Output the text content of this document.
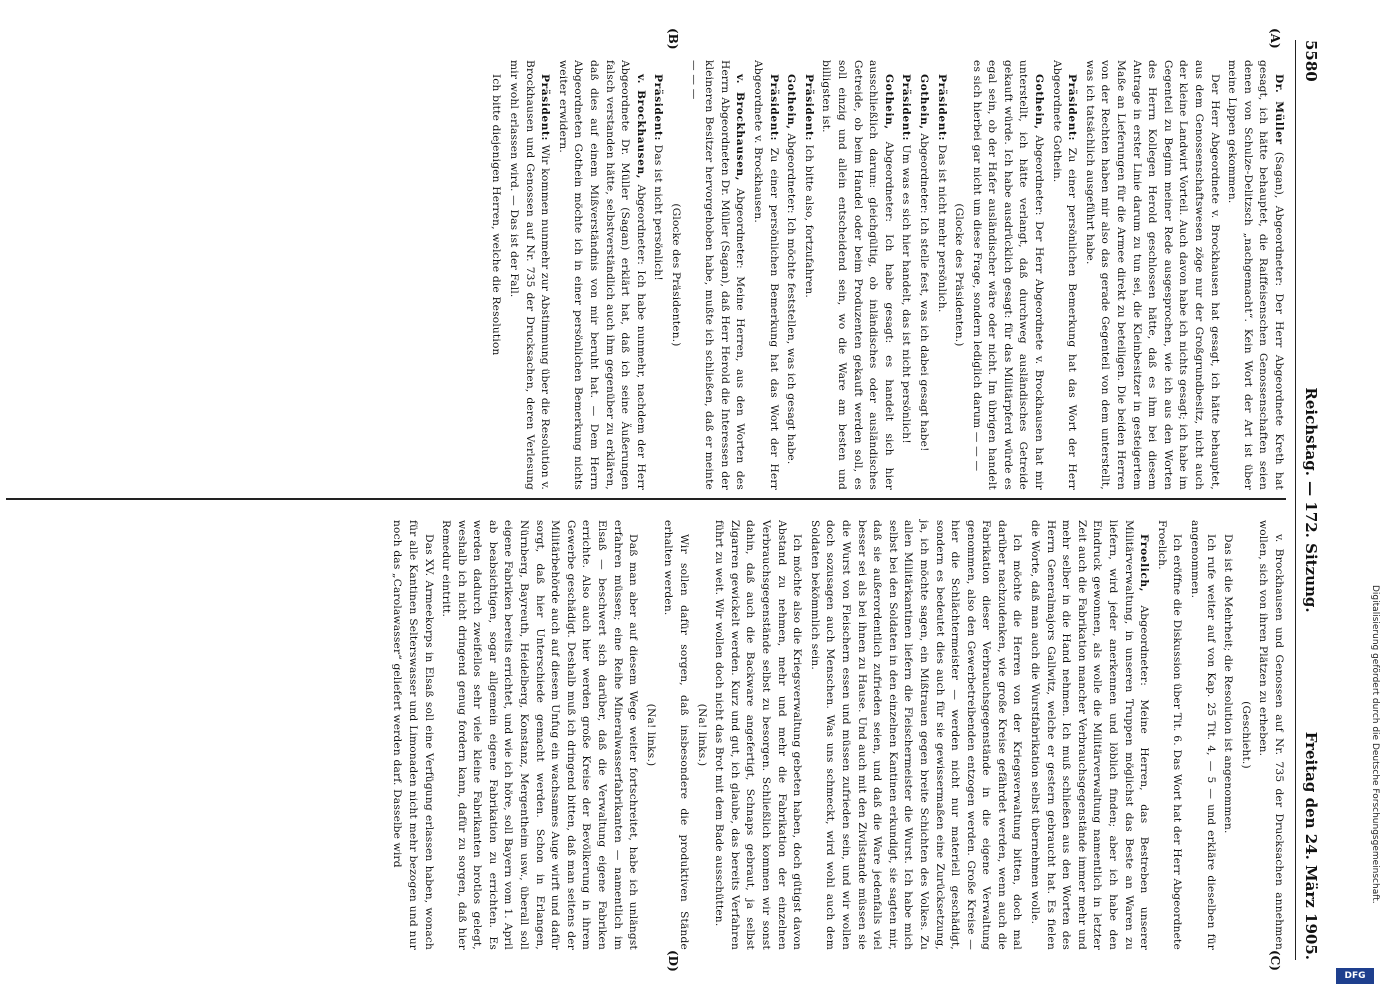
5580
Reichstag. — 172. Sitzung.
Freitag den 24. März 1905.
(A)
(B)
(C)
(D)

Dr. Müller (Sagan), Abgeordneter: Der Herr Abgeordnete Kreth hat gesagt, ich hätte behauptet, die Raiffeisenschen Genossenschaften seien denen von Schulze-Delitzsch „nachgemacht“. Kein Wort der Art ist über meine Lippen gekommen.

Der Herr Abgeordnete v. Brockhausen hat gesagt, ich hätte behauptet, aus dem Genossenschaftswesen zöge nur der Großgrundbesitz, nicht auch der kleine Landwirt Vorteil. Auch davon habe ich nichts gesagt; ich habe im Gegenteil zu Beginn meiner Rede ausgesprochen, wie ich aus den Worten des Herrn Kollegen Herold geschlossen hätte, daß es ihm bei diesem Antrage in erster Linie darum zu tun sei, die Kleinbesitzer in gesteigertem Maße an Lieferungen für die Armee direkt zu beteiligen. Die beiden Herren von der Rechten haben mir also das gerade Gegenteil von dem unterstellt, was ich tatsächlich ausgeführt habe.

Präsident: Zu einer persönlichen Bemerkung hat das Wort der Herr Abgeordnete Gothein.

Gothein, Abgeordneter: Der Herr Abgeordnete v. Brockhausen hat mir unterstellt, ich hätte verlangt, daß durchweg ausländisches Getreide gekauft würde. Ich habe ausdrücklich gesagt: für das Militärpferd würde es egal sein, ob der Hafer ausländischer wäre oder nicht. Im übrigen handelt es sich hierbei gar nicht um diese Frage, sondern lediglich darum — — —

(Glocke des Präsidenten.)

Präsident: Das ist nicht mehr persönlich.

Gothein, Abgeordneter: Ich stelle fest, was ich dabei gesagt habe!

Präsident: Um was es sich hier handelt, das ist nicht persönlich!

Gothein, Abgeordneter: Ich habe gesagt: es handelt sich hier ausschließlich darum: gleichgültig, ob inländisches oder ausländisches Getreide, ob beim Handel oder beim Produzenten gekauft werden soll, es soll einzig und allein entscheidend sein, wo die Ware am besten und billigsten ist.

Präsident: Ich bitte also, fortzufahren.

Gothein, Abgeordneter: Ich möchte feststellen, was ich gesagt habe.

Präsident: Zu einer persönlichen Bemerkung hat das Wort der Herr Abgeordnete v. Brockhausen.

v. Brockhausen, Abgeordneter: Meine Herren, aus den Worten des Herrn Abgeordneten Dr. Müller (Sagan), daß Herr Herold die Interessen der kleineren Besitzer hervorgehoben habe, mußte ich schließen, daß er meinte — — —

(Glocke des Präsidenten.)

Präsident: Das ist nicht persönlich!

v. Brockhausen, Abgeordneter: Ich habe nunmehr, nachdem der Herr Abgeordnete Dr. Müller (Sagan) erklärt hat, daß ich seine Äußerungen falsch verstanden hätte, selbstverständlich auch ihm gegenüber zu erklären, daß dies auf einem Mißverständnis von mir beruht hat. — Dem Herrn Abgeordneten Gothein möchte ich in einer persönlichen Bemerkung nichts weiter erwidern.

Präsident: Wir kommen nunmehr zur Abstimmung über die Resolution v. Brockhausen und Genossen auf Nr. 735 der Drucksachen, deren Verlesung mir wohl erlassen wird. — Das ist der Fall.

Ich bitte diejenigen Herren, welche die Resolution

v. Brockhausen und Genossen auf Nr. 735 der Drucksachen annehmen wollen, sich von ihren Plätzen zu erheben.

(Geschieht.)

Das ist die Mehrheit; die Resolution ist angenommen.

Ich rufe weiter auf von Kap. 25 Tit. 4, — 5 — und erkläre dieselben für angenommen.

Ich eröffne die Diskussion über Tit. 6. Das Wort hat der Herr Abgeordnete Froelich.

Froelich, Abgeordneter: Meine Herren, das Bestreben unserer Militärverwaltung, in unseren Truppen möglichst das Beste an Waren zu liefern, wird jeder anerkennen und löblich finden; aber ich habe den Eindruck gewonnen, als wolle die Militärverwaltung namentlich in letzter Zeit auch die Fabrikation mancher Verbrauchsgegenstände immer mehr und mehr selber in die Hand nehmen. Ich muß schließen aus den Worten des Herrn Generalmajors Gallwitz, welche er gestern gebraucht hat. Es fielen die Worte, daß man auch die Wurstfabrikation selbst übernehmen wolle.

Ich möchte die Herren von der Kriegsverwaltung bitten, doch mal darüber nachzudenken, wie große Kreise gefährdet werden, wenn auch die Fabrikation dieser Verbrauchsgegenstände in die eigene Verwaltung genommen, also den Gewerbetreibenden entzogen werden. Große Kreise — hier die Schlächtermeister — werden nicht nur materiell geschädigt, sondern es bedeutet dies auch für sie gewissermaßen eine Zurücksetzung, ja, ich möchte sagen, ein Mißtrauen gegen breite Schichten des Volkes. Zu allen Militärkantinen liefern die Fleischermeister die Wurst. Ich habe mich selbst bei den Soldaten in den einzelnen Kantinen erkundigt, sie sagten mir, daß sie außerordentlich zufrieden seien, und daß die Ware jedenfalls viel besser sei als bei ihnen zu Hause. Und auch mit den Zivilstande müssen sie die Wurst von Fleischern essen und müssen zufrieden sein, und wir wollen doch sozusagen auch Menschen. Was uns schmeckt, wird wohl auch dem Soldaten bekömmlich sein.

Ich möchte also die Kriegsverwaltung gebeten haben, doch gütigst davon Abstand zu nehmen, mehr und mehr die Fabrikation der einzelnen Verbrauchsgegenstände selbst zu besorgen. Schließlich kommen wir sonst dahin, daß auch die Backware angefertigt, Schnaps gebraut, ja selbst Zigarren gewickelt werden. Kurz und gut, ich glaube, das bereits Verfahren führt zu weit. Wir wollen doch nicht das Brot mit dem Bade ausschütten.

(Na! links.)

Wir sollen dafür sorgen, daß insbesondere die produktiven Stände erhalten werden.

(Na! links.)

Daß man aber auf diesem Wege weiter fortschreitet, habe ich unlängst erfahren müssen; eine Reihe Mineralwasserfabrikanten — namentlich im Elsaß — beschwert sich darüber, daß die Verwaltung eigene Fabriken errichte. Also auch hier werden große Kreise der Bevölkerung in ihrem Gewerbe geschädigt. Deshalb muß ich dringend bitten, daß man seitens der Militärbehörde auch auf diesem Unfug ein wachsames Auge wirft und dafür sorgt, daß hier Unterschiede gemacht werden. Schon in Erlangen, Nürnberg, Bayreuth, Heidelberg, Konstanz, Mergentheim usw., überall soll eigene Fabriken bereits errichtet, und wie ich höre, soll Bayern vom 1. April ab beabsichtigen, sogar allgemein eigene Fabrikation zu errichten. Es werden dadurch zweifellos sehr viele kleine Fabrikanten brotlos gelegt, weshalb ich nicht dringend genug fordern kann, dafür zu sorgen, daß hier Remedur eintritt.

Das XV. Armeekorps in Elsaß soll eine Verfügung erlassen haben, wonach für alle Kantinen Selterswasser und Limonaden nicht mehr bezogen und nur noch das „Carolawasser“ geliefert werden darf. Dasselbe wird	Digitalisierung gefördert durch die Deutsche Forschungsgemeinschaft.
DFG
